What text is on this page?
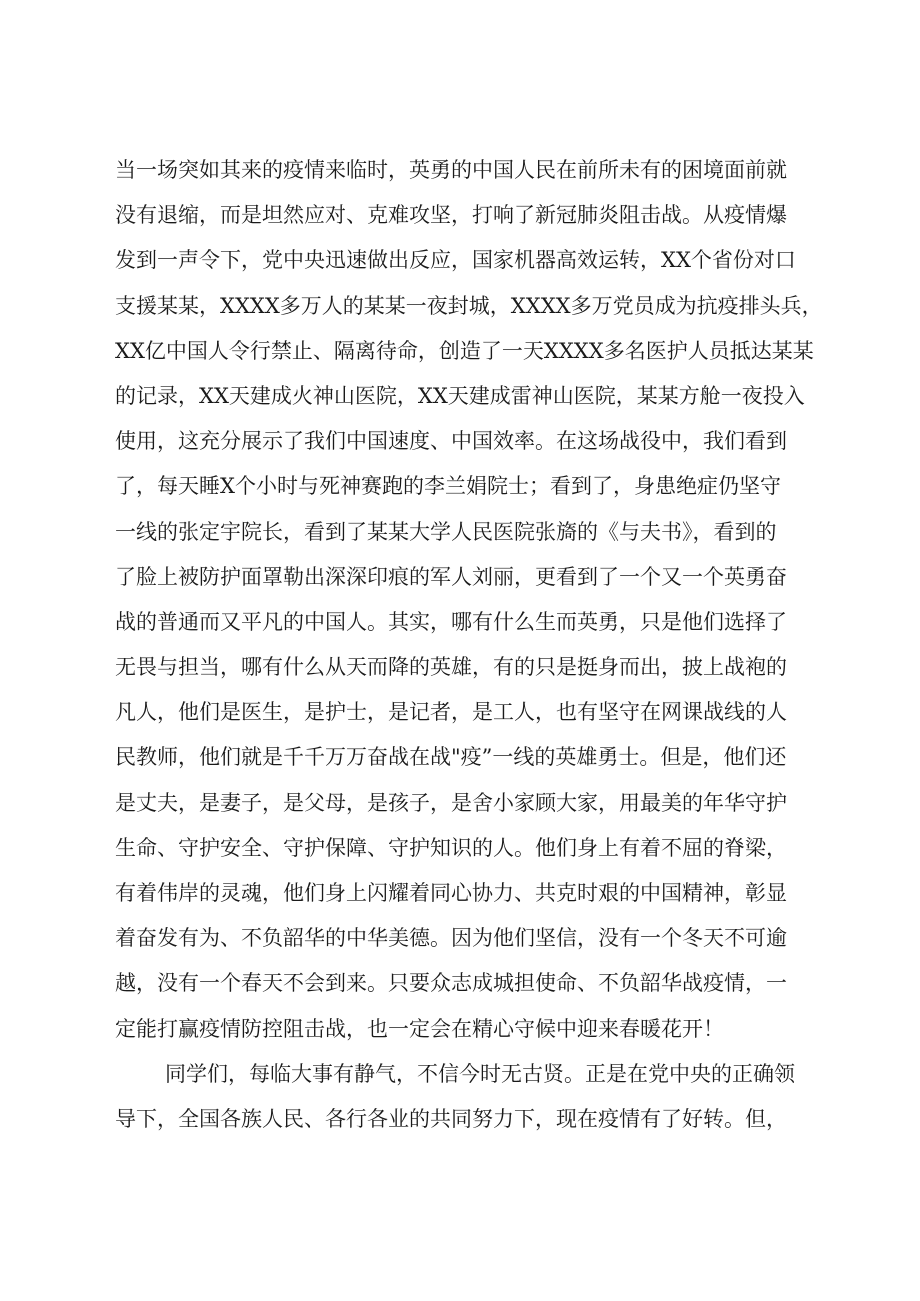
当一场突如其来的疫情来临时，英勇的中国人民在前所未有的困境面前就
没有退缩，而是坦然应对、克难攻坚，打响了新冠肺炎阻击战。从疫情爆
发到一声令下，党中央迅速做出反应，国家机器高效运转，XX个省份对口
支援某某，XXXX多万人的某某一夜封城，XXXX多万党员成为抗疫排头兵，
XX亿中国人令行禁止、隔离待命，创造了一天XXXX多名医护人员抵达某某
的记录，XX天建成火神山医院，XX天建成雷神山医院，某某方舱一夜投入
使用，这充分展示了我们中国速度、中国效率。在这场战役中，我们看到
了，每天睡X个小时与死神赛跑的李兰娟院士；看到了，身患绝症仍坚守
一线的张定宇院长，看到了某某大学人民医院张旖的《与夫书》，看到的
了脸上被防护面罩勒出深深印痕的军人刘丽，更看到了一个又一个英勇奋
战的普通而又平凡的中国人。其实，哪有什么生而英勇，只是他们选择了
无畏与担当，哪有什么从天而降的英雄，有的只是挺身而出，披上战袍的
凡人，他们是医生，是护士，是记者，是工人，也有坚守在网课战线的人
民教师，他们就是千千万万奋战在战"疫”一线的英雄勇士。但是，他们还
是丈夫，是妻子，是父母，是孩子，是舍小家顾大家，用最美的年华守护
生命、守护安全、守护保障、守护知识的人。他们身上有着不屈的脊梁，
有着伟岸的灵魂，他们身上闪耀着同心协力、共克时艰的中国精神，彰显
着奋发有为、不负韶华的中华美德。因为他们坚信，没有一个冬天不可逾
越，没有一个春天不会到来。只要众志成城担使命、不负韶华战疫情，一
定能打赢疫情防控阻击战，也一定会在精心守候中迎来春暖花开！
同学们，每临大事有静气，不信今时无古贤。正是在党中央的正确领
导下，全国各族人民、各行各业的共同努力下，现在疫情有了好转。但，
